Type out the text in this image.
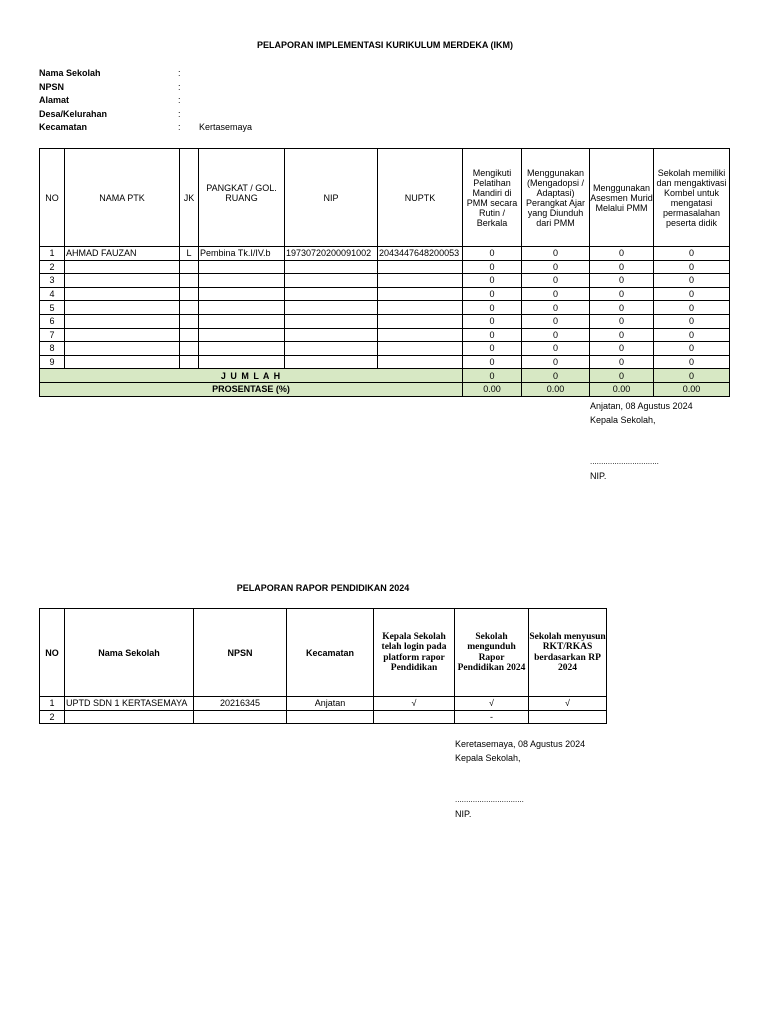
PELAPORAN IMPLEMENTASI KURIKULUM MERDEKA (IKM)
Nama Sekolah	:
NPSN	:
Alamat	:
Desa/Kelurahan	:
Kecamatan	: Kertasemaya
NO	NAMA PTK	JK	PANGKAT / GOL. RUANG	NIP	NUPTK	Mengikuti Pelatihan Mandiri di PMM secara Rutin / Berkala	Menggunakan (Mengadopsi / Adaptasi) Perangkat Ajar yang Diunduh dari PMM	Menggunakan Asesmen Murid Melalui PMM	Sekolah memiliki dan mengaktivasi Kombel untuk mengatasi permasalahan peserta didik
1	AHMAD FAUZAN	L	Pembina Tk.I/IV.b	19730720200091002	2043447648200053	0	0	0	0
2						0	0	0	0
3						0	0	0	0
4						0	0	0	0
5						0	0	0	0
6						0	0	0	0
7						0	0	0	0
8						0	0	0	0
9						0	0	0	0
J U M L A H						0	0	0	0
PROSENTASE (%)						0.00	0.00	0.00	0.00
Anjatan, 08 Agustus 2024
Kepala Sekolah,
...............................
NIP.
PELAPORAN RAPOR PENDIDIKAN 2024
NO	Nama Sekolah	NPSN	Kecamatan	Kepala Sekolah telah login pada platform rapor Pendidikan	Sekolah mengunduh Rapor Pendidikan 2024	Sekolah menyusun RKT/RKAS berdasarkan RP 2024
1	UPTD SDN 1 KERTASEMAYA	20216345	Anjatan	√	√	√
2					-	
Keretasemaya, 08 Agustus 2024
Kepala Sekolah,
...............................
NIP.
